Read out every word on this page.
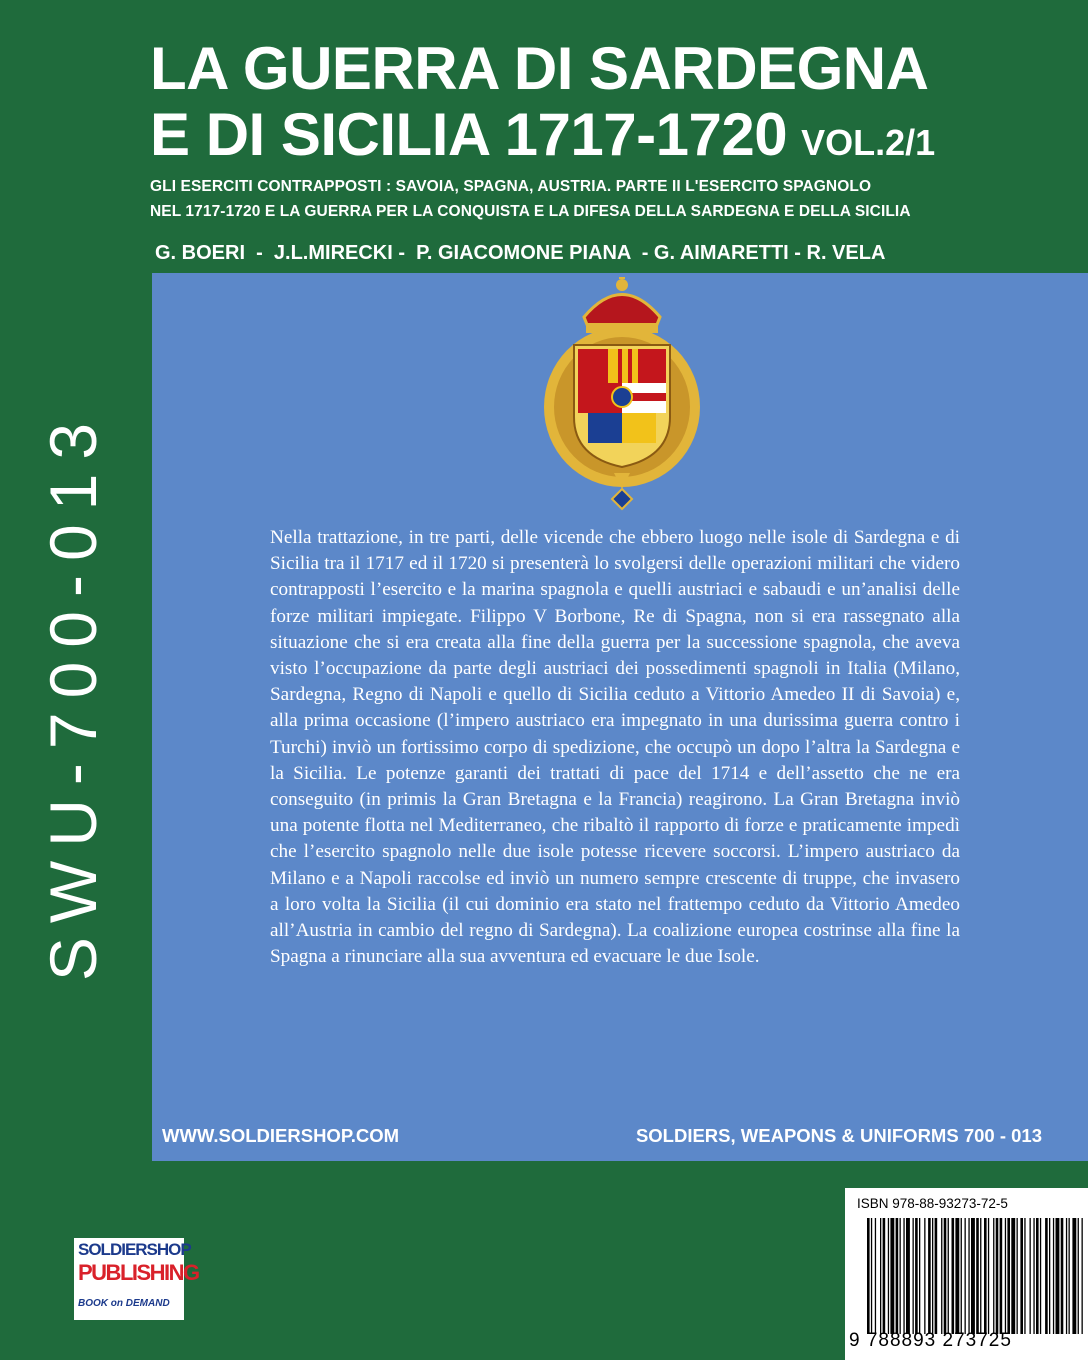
SWU-700-013
LA GUERRA DI SARDEGNA
E DI SICILIA 1717-1720 VOL.2/1
GLI ESERCITI CONTRAPPOSTI : SAVOIA, SPAGNA, AUSTRIA. PARTE II L'ESERCITO SPAGNOLO
NEL 1717-1720 E LA GUERRA PER LA CONQUISTA E LA DIFESA DELLA SARDEGNA E DELLA SICILIA
G. BOERI  -  J.L.MIRECKI -  P. GIACOMONE PIANA  - G. AIMARETTI - R. VELA
Nella trattazione, in tre parti, delle vicende che ebbero luogo nelle isole di Sardegna e di Sicilia tra il 1717 ed il 1720 si presenterà lo svolgersi delle operazioni militari che videro contrapposti l’esercito e la marina spagnola e quelli austriaci e sabaudi e un’analisi delle forze militari impiegate. Filippo V Borbone, Re di Spagna, non si era rassegnato alla situazione che si era creata alla fine della guerra per la successione spagnola, che aveva visto l’occupazione da parte degli austriaci dei possedimenti spagnoli in Italia (Milano, Sardegna, Regno di Napoli e quello di Sicilia ceduto a Vittorio Amedeo II di Savoia) e, alla prima occasione (l’impero austriaco era impegnato in una durissima guerra contro i Turchi) inviò un fortissimo corpo di spedizione, che occupò un dopo l’altra la Sardegna e la Sicilia. Le potenze garanti dei trattati di pace del 1714 e dell’assetto che ne era conseguito (in primis la Gran Bretagna e la Francia) reagirono. La Gran Bretagna inviò una potente flotta nel Mediterraneo, che ribaltò il rapporto di forze e praticamente impedì che l’esercito spagnolo nelle due isole potesse ricevere soccorsi. L’impero austriaco da Milano e a Napoli raccolse ed inviò un numero sempre crescente di truppe, che invasero a loro volta la Sicilia (il cui dominio era stato nel frattempo ceduto da Vittorio Amedeo all’Austria in cambio del regno di Sardegna). La coalizione europea costrinse alla fine la Spagna a rinunciare alla sua avventura ed evacuare le due Isole.
WWW.SOLDIERSHOP.COM	SOLDIERS, WEAPONS & UNIFORMS 700 - 013
SOLDIERSHOP
PUBLISHING
BOOK on DEMAND
ISBN 978-88-93273-72-5
9 788893 273725
